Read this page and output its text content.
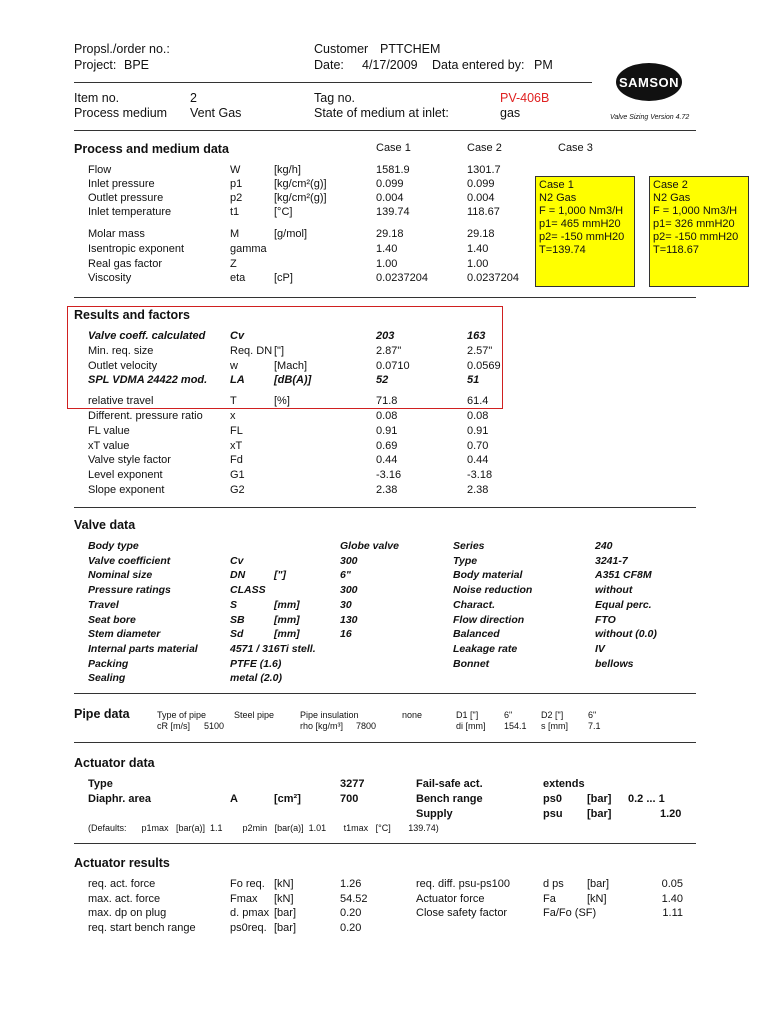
Propsl./order no.:
Project: BPE
Customer PTTCHEM
Date: 4/17/2009 Data entered by: PM
SAMSON
Valve Sizing Version 4.72
Item no.	2
Process medium Vent Gas
Tag no.	PV-406B
State of medium at inlet:	gas
Process and medium data	Case 1	Case 2	Case 3
Flow	W	[kg/h]	1581.9	1301.7
Inlet pressure	p1	[kg/cm²(g)]	0.099	0.099
Outlet pressure	p2	[kg/cm²(g)]	0.004	0.004
Inlet temperature	t1	[°C]	139.74	118.67
Molar mass	M	[g/mol]	29.18	29.18
Isentropic exponent	gamma	1.40	1.40
Real gas factor	Z	1.00	1.00
Viscosity	eta	[cP]	0.0237204	0.0237204
Case 1
N2 Gas
F = 1,000 Nm3/H
p1= 465 mmH20
p2= -150 mmH20
T=139.74
Case 2
N2 Gas
F = 1,000 Nm3/H
p1= 326 mmH20
p2= -150 mmH20
T=118.67
Results and factors
Valve coeff. calculated Cv	203	163
Min. req. size	Req. DN ["]	2.87"	2.57"
Outlet velocity	w	[Mach]	0.0710	0.0569
SPL VDMA 24422 mod. LA	[dB(A)]	52	51
relative travel	T	[%]	71.8	61.4
Different. pressure ratio x	0.08	0.08
FL value	FL	0.91	0.91
xT value	xT	0.69	0.70
Valve style factor	Fd	0.44	0.44
Level exponent	G1	-3.16	-3.18
Slope exponent	G2	2.38	2.38
Valve data
Body type	Globe valve	Series	240
Valve coefficient	Cv	300	Type	3241-7
Nominal size	DN	["]	6"	Body material	A351 CF8M
Pressure ratings	CLASS	300	Noise reduction	without
Travel	S	[mm]	30	Charact.	Equal perc.
Seat bore	SB	[mm]	130	Flow direction	FTO
Stem diameter	Sd	[mm]	16	Balanced	without (0.0)
Internal parts material	4571 / 316Ti stell.	Leakage rate	IV
Packing	PTFE (1.6)	Bonnet	bellows
Sealing	metal (2.0)
Pipe data	Type of pipe	Steel pipe
cR [m/s] 5100
Pipe insulation	none
rho [kg/m³] 7800
D1 ["]	6"
di [mm] 154.1
D2 ["]	6"
s [mm] 7.1
Actuator data
Type	3277	Fail-safe act.	extends
Diaphr. area	A	[cm²]	700	Bench range	ps0 [bar] 0.2 ... 1
Supply	psu [bar]	1.20
(Defaults:      p1max   [bar(a)]  1.1        p2min   [bar(a)]  1.01       t1max   [°C]       139.74)
Actuator results
req. act. force	Fo req. [kN]	1.26	req. diff. psu-ps100	d ps [bar]	0.05
max. act. force	Fmax [kN]	54.52	Actuator force	Fa	[kN]	1.40
max. dp on plug	d. pmax [bar]	0.20	Close safety factor	Fa/Fo (SF)	1.11
req. start bench range	ps0req. [bar]	0.20
